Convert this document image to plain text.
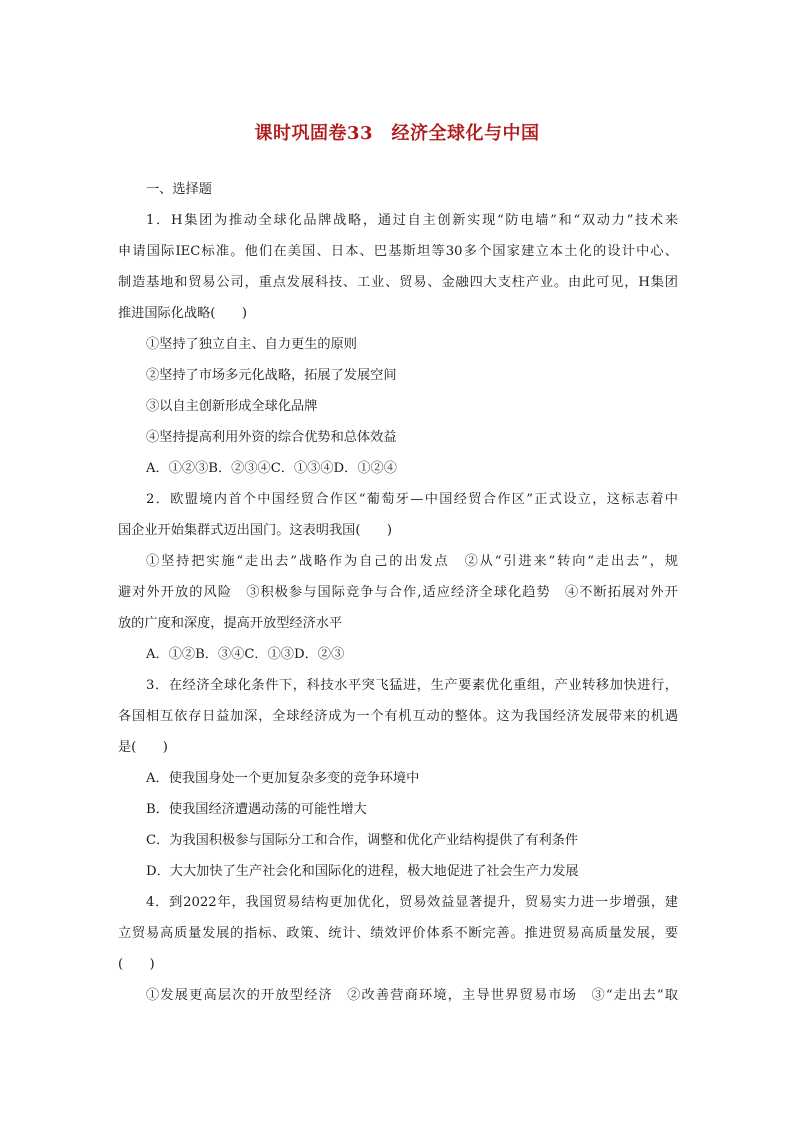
课时巩固卷33　经济全球化与中国
一、选择题
1．H集团为推动全球化品牌战略，通过自主创新实现“防电墙”和“双动力”技术来
申请国际IEC标准。他们在美国、日本、巴基斯坦等30多个国家建立本土化的设计中心、
制造基地和贸易公司，重点发展科技、工业、贸易、金融四大支柱产业。由此可见，H集团
推进国际化战略(　　)
①坚持了独立自主、自力更生的原则
②坚持了市场多元化战略，拓展了发展空间
③以自主创新形成全球化品牌
④坚持提高利用外资的综合优势和总体效益
A．①②③B．②③④C．①③④D．①②④
2．欧盟境内首个中国经贸合作区“葡萄牙—中国经贸合作区”正式设立，这标志着中
国企业开始集群式迈出国门。这表明我国(　　)
①坚持把实施“走出去”战略作为自己的出发点　②从“引进来”转向“走出去”，规
避对外开放的风险　③积极参与国际竞争与合作,适应经济全球化趋势　④不断拓展对外开
放的广度和深度，提高开放型经济水平
A．①②B．③④C．①③D．②③
3．在经济全球化条件下，科技水平突飞猛进，生产要素优化重组，产业转移加快进行，
各国相互依存日益加深，全球经济成为一个有机互动的整体。这为我国经济发展带来的机遇
是(　　)
A．使我国身处一个更加复杂多变的竞争环境中
B．使我国经济遭遇动荡的可能性增大
C．为我国积极参与国际分工和合作，调整和优化产业结构提供了有利条件
D．大大加快了生产社会化和国际化的进程，极大地促进了社会生产力发展
4．到2022年，我国贸易结构更加优化，贸易效益显著提升，贸易实力进一步增强，建
立贸易高质量发展的指标、政策、统计、绩效评价体系不断完善。推进贸易高质量发展，要
(　　)
①发展更高层次的开放型经济　②改善营商环境，主导世界贸易市场　③“走出去”取
